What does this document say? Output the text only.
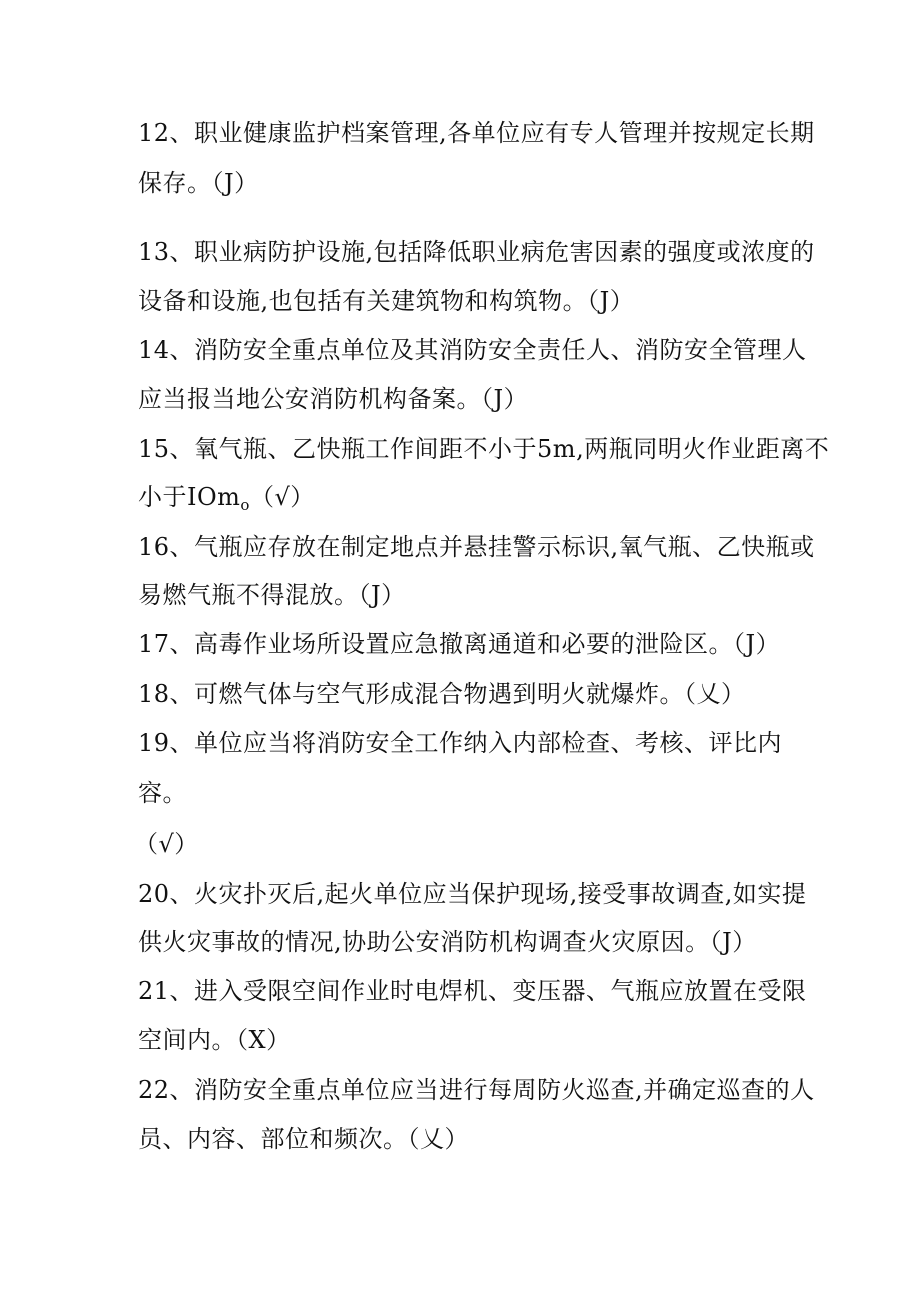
12、职业健康监护档案管理,各单位应有专人管理并按规定长期
保存。（J）
13、职业病防护设施,包括降低职业病危害因素的强度或浓度的
设备和设施,也包括有关建筑物和构筑物。（J）
14、消防安全重点单位及其消防安全责任人、消防安全管理人
应当报当地公安消防机构备案。（J）
15、氧气瓶、乙快瓶工作间距不小于5m,两瓶同明火作业距离不
小于IOm$_o$（√）
16、气瓶应存放在制定地点并悬挂警示标识,氧气瓶、乙快瓶或
易燃气瓶不得混放。（J）
17、高毒作业场所设置应急撤离通道和必要的泄险区。（J）
18、可燃气体与空气形成混合物遇到明火就爆炸。（乂）
19、单位应当将消防安全工作纳入内部检查、考核、评比内
容。
（√）
20、火灾扑灭后,起火单位应当保护现场,接受事故调查,如实提
供火灾事故的情况,协助公安消防机构调查火灾原因。（J）
21、进入受限空间作业时电焊机、变压器、气瓶应放置在受限
空间内。（X）
22、消防安全重点单位应当进行每周防火巡查,并确定巡查的人
员、内容、部位和频次。（乂）
